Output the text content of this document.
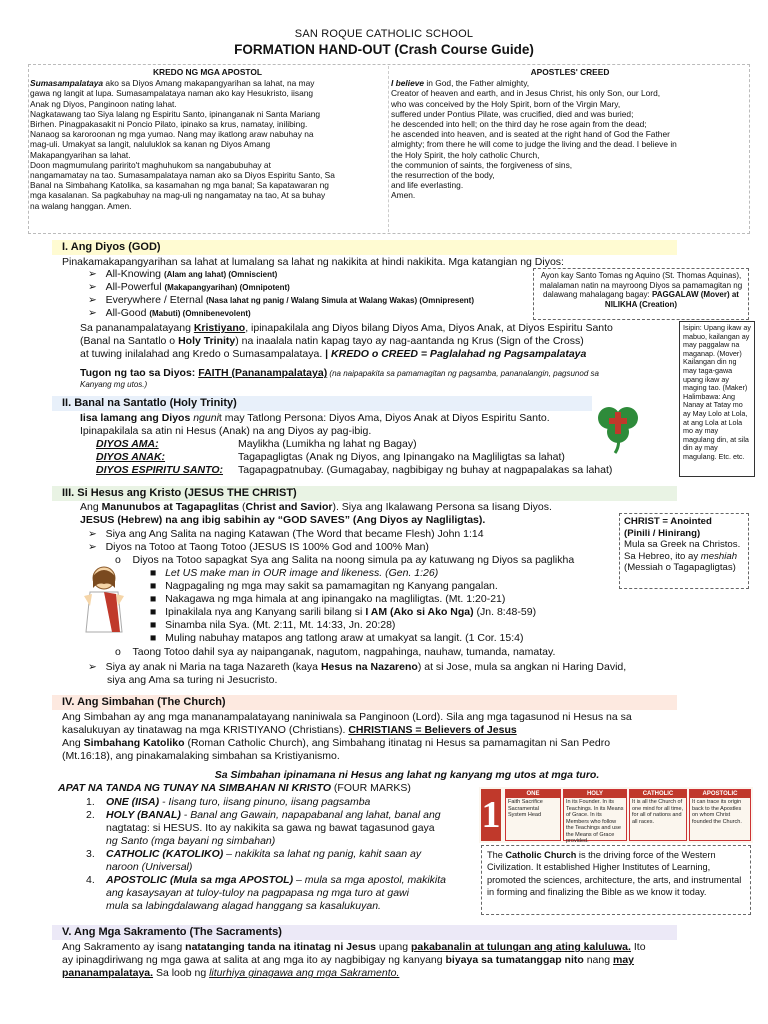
SAN ROQUE CATHOLIC SCHOOL
FORMATION HAND-OUT (Crash Course Guide)
KREDO NG MGA APOSTOL
Sumasampalataya ako sa Diyos Amang makapangyarihan sa lahat, na may
gawa ng langit at lupa. Sumasampalataya naman ako kay Hesukristo, iisang
Anak ng Diyos, Panginoon nating lahat.
Nagkatawang tao Siya lalang ng Espiritu Santo, ipinanganak ni Santa Mariang
Birhen. Pinagpakasakit ni Poncio Pilato, ipinako sa krus, namatay, inilibing.
Nanaog sa karoroonan ng mga yumao. Nang may ikatlong araw nabuhay na
mag-uli. Umakyat sa langit, naluluklok sa kanan ng Diyos Amang
Makapangyarihan sa lahat.
Doon magmumulang paririto't maghuhukom sa nangabubuhay at
nangamamatay na tao. Sumasampalataya naman ako sa Diyos Espiritu Santo, Sa
Banal na Simbahang Katolika, sa kasamahan ng mga banal; Sa kapatawaran ng
mga kasalanan. Sa pagkabuhay na mag-uli ng nangamatay na tao, At sa buhay
na walang hanggan. Amen.
APOSTLES' CREED
I believe in God, the Father almighty,
Creator of heaven and earth, and in Jesus Christ, his only Son, our Lord,
who was conceived by the Holy Spirit, born of the Virgin Mary,
suffered under Pontius Pilate, was crucified, died and was buried;
he descended into hell; on the third day he rose again from the dead;
he ascended into heaven, and is seated at the right hand of God the Father
almighty; from there he will come to judge the living and the dead. I believe in
the Holy Spirit, the holy catholic Church,
the communion of saints, the forgiveness of sins,
the resurrection of the body,
and life everlasting.
Amen.
I. Ang Diyos (GOD)
Pinakamakapangyarihan sa lahat at lumalang sa lahat ng nakikita at hindi nakikita. Mga katangian ng Diyos:
➢   All-Knowing (Alam ang lahat) (Omniscient)
➢   All-Powerful (Makapangyarihan) (Omnipotent)
➢   Everywhere / Eternal (Nasa lahat ng panig / Walang Simula at Walang Wakas) (Omnipresent)
➢   All-Good (Mabuti) (Omnibenevolent)
Ayon kay Santo Tomas ng Aquino (St. Thomas Aquinas), malalaman natin na mayroong Diyos sa pamamagitan ng dalawang mahalagang bagay: PAGGALAW (Mover) at NILIKHA (Creation)
Sa pananampalatayang Kristiyano, ipinapakilala ang Diyos bilang Diyos Ama, Diyos Anak, at Diyos Espiritu Santo
(Banal na Santatlo o Holy Trinity) na inaalala natin kapag tayo ay nag-aantanda ng Krus (Sign of the Cross)
at tuwing inilalahad ang Kredo o Sumasampalataya. | KREDO o CREED = Paglalahad ng Pagsampalataya
Tugon ng tao sa Diyos: FAITH (Pananampalataya) (na naipapakita sa pamamagitan ng pagsamba, pananalangin, pagsunod sa
Kanyang mg utos.)
Isipin: Upang ikaw ay mabuo, kailangan ay may paggalaw na maganap. (Mover) Kailangan din ng may taga-gawa upang ikaw ay maging tao. (Maker) Halimbawa: Ang Nanay at Tatay mo ay May Lolo at Lola, at ang Lola at Lola mo ay may magulang din, at sila din ay may magulang. Etc. etc.
II. Banal na Santatlo (Holy Trinity)
Iisa lamang ang Diyos ngunit may Tatlong Persona: Diyos Ama, Diyos Anak at Diyos Espiritu Santo.
Ipinapakilala sa atin ni Hesus (Anak) na ang Diyos ay pag-ibig.
DIYOS AMA:	Maylikha (Lumikha ng lahat ng Bagay)
DIYOS ANAK:	Tagapagligtas (Anak ng Diyos, ang Ipinangako na Magliligtas sa lahat)
DIYOS ESPIRITU SANTO: Tagapagpatnubay. (Gumagabay, nagbibigay ng buhay at nagpapalakas sa lahat)
III. Si Hesus ang Kristo (JESUS THE CHRIST)
Ang Manunubos at Tagapaglitas (Christ and Savior). Siya ang Ikalawang Persona sa Iisang Diyos.
JESUS (Hebrew) na ang ibig sabihin ay “GOD SAVES” (Ang Diyos ay Nagliligtas).
➢   Siya ang Ang Salita na naging Katawan (The Word that became Flesh) John 1:14
➢   Diyos na Totoo at Taong Totoo (JESUS IS 100% God and 100% Man)
o    Diyos na Totoo sapagkat Sya ang Salita na noong simula pa ay katuwang ng Diyos sa paglikha
■   Let US make man in OUR image and likeness. (Gen. 1:26)
■   Nagpagaling ng mga may sakit sa pamamagitan ng Kanyang pangalan.
■   Nakagawa ng mga himala at ang ipinangako na magliligtas. (Mt. 1:20-21)
■   Ipinakilala nya ang Kanyang sarili bilang si I AM (Ako si Ako Nga) (Jn. 8:48-59)
■   Sinamba nila Sya. (Mt. 2:11, Mt. 14:33, Jn. 20:28)
■   Muling nabuhay matapos ang tatlong araw at umakyat sa langit. (1 Cor. 15:4)
o    Taong Totoo dahil sya ay naipanganak, nagutom, nagpahinga, nauhaw, tumanda, namatay.
➢   Siya ay anak ni Maria na taga Nazareth (kaya Hesus na Nazareno) at si Jose, mula sa angkan ni Haring David,
siya ang Ama sa turing ni Jesucristo.
CHRIST = Anointed
(Pinili / Hinirang)
Mula sa Greek na Christos. Sa Hebreo, ito ay meshiah (Messiah o Tagapagligtas)
IV. Ang Simbahan (The Church)
Ang Simbahan ay ang mga mananampalatayang naniniwala sa Panginoon (Lord). Sila ang mga tagasunod ni Hesus na sa
kasalukuyan ay tinatawag na mga KRISTIYANO (Christians). CHRISTIANS = Believers of Jesus
Ang Simbahang Katoliko (Roman Catholic Church), ang Simbahang itinatag ni Hesus sa pamamagitan ni San Pedro
(Mt.16:18), ang pinakamalaking simbahan sa Kristiyanismo.
Sa Simbahan ipinamana ni Hesus ang lahat ng kanyang mg utos at mga turo.
APAT NA TANDA NG TUNAY NA SIMBAHAN NI KRISTO (FOUR MARKS)
1. ONE (IISA) - Iisang turo, iisang pinuno, iisang pagsamba
2. HOLY (BANAL) - Banal ang Gawain, napapabanal ang lahat, banal ang
nagtatag: si HESUS. Ito ay nakikita sa gawa ng bawat tagasunod gaya
ng Santo (mga bayani ng simbahan)
3. CATHOLIC (KATOLIKO) – nakikita sa lahat ng panig, kahit saan ay
naroon (Universal)
4. APOSTOLIC (Mula sa mga APOSTOL) – mula sa mga apostol, makikita
ang kasaysayan at tuloy-tuloy na pagpapasa ng mga turo at gawi
mula sa labingdalawang alagad hanggang sa kasalukuyan.
1	ONE
Faith Sacrifice Sacramental System Head
HOLY
In its Founder. In its Teachings. In its Means of Grace. In its Members who follow the Teachings and use the Means of Grace provided.
CATHOLIC
It is all the Church of one mind for all time, for all of nations and all races.
APOSTOLIC
It can trace its origin back to the Apostles on whom Christ founded the Church.
The Catholic Church is the driving force of the Western Civilization. It established Higher Institutes of Learning, promoted the sciences, architecture, the arts, and instrumental in forming and finalizing the Bible as we know it today.
V. Ang Mga Sakramento (The Sacraments)
Ang Sakramento ay isang natatanging tanda na itinatag ni Jesus upang pakabanalin at tulungan ang ating kaluluwa. Ito
ay ipinagdiriwang ng mga gawa at salita at ang mga ito ay nagbibigay ng kanyang biyaya sa tumatanggap nito nang may
pananampalataya. Sa loob ng liturhiya ginagawa ang mga Sakramento.
